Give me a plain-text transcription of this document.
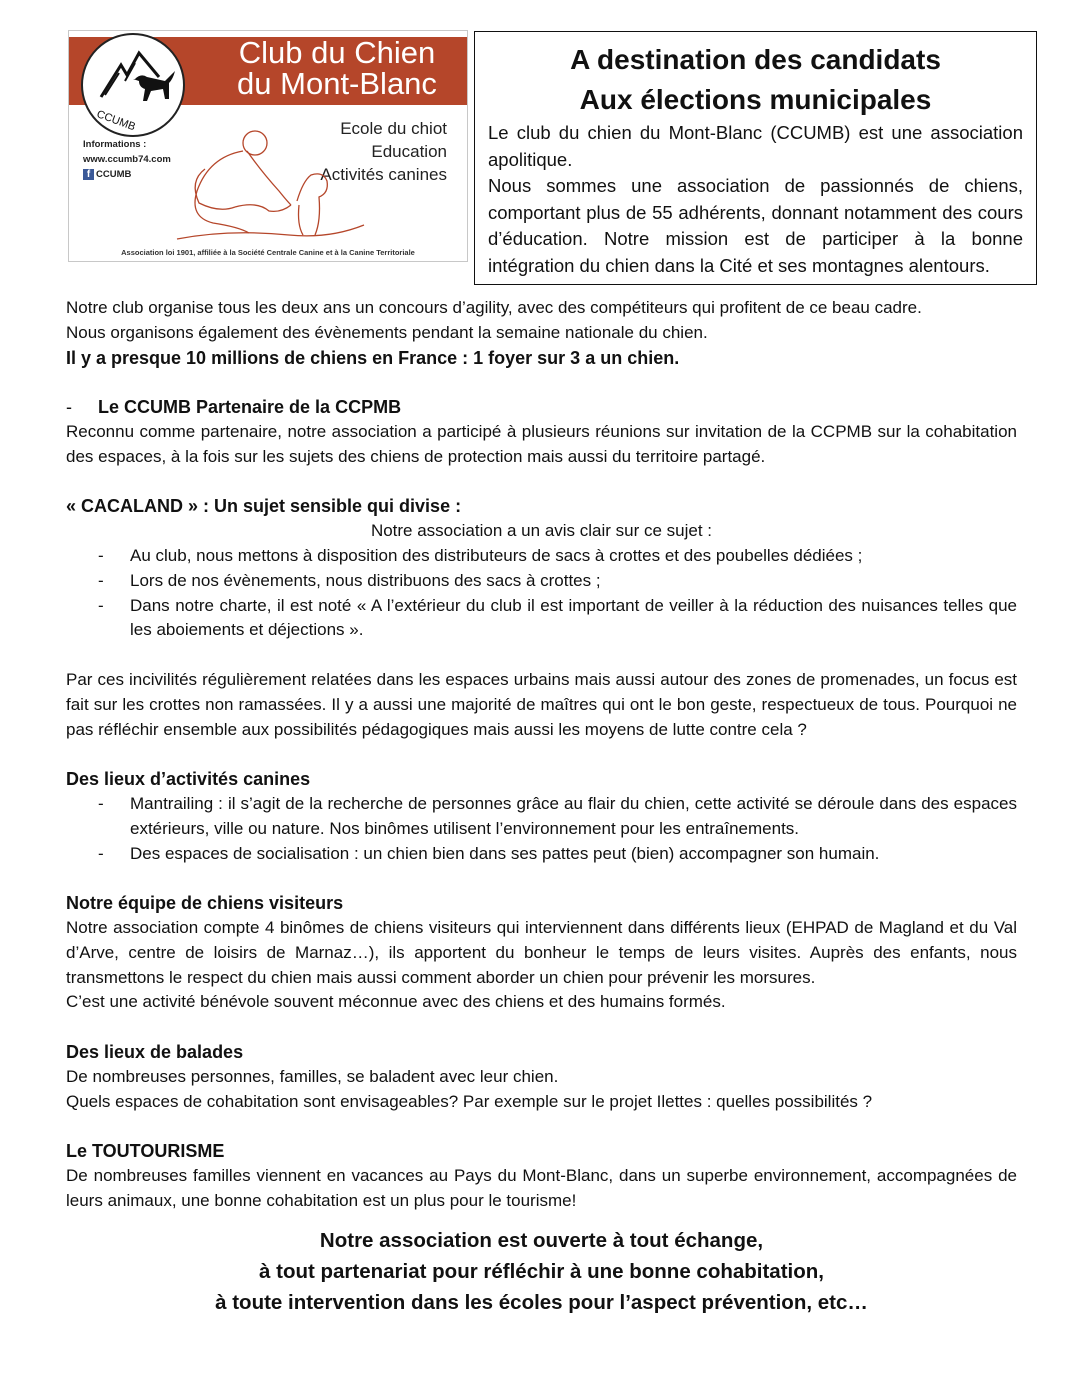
CCUMB
Club du Chien
du Mont-Blanc
Ecole du chiot
Education
Activités canines
Informations :
www.ccumb74.com
f CCUMB
Association loi 1901, affiliée à la Société Centrale Canine et à la Canine Territoriale
A destination des candidats
Aux élections municipales

Le club du chien du Mont-Blanc (CCUMB) est une association apolitique.

Nous sommes une association de passionnés de chiens, comportant plus de 55 adhérents, donnant notamment des cours d’éducation. Notre mission est de participer à la bonne intégration du chien dans la Cité et ses montagnes alentours.

Notre club organise tous les deux ans un concours d’agility, avec des compétiteurs qui profitent de ce beau cadre.

Nous organisons également des évènements pendant la semaine nationale du chien.

Il y a presque 10 millions de chiens en France : 1 foyer sur 3 a un chien.

- Le CCUMB Partenaire de la CCPMB

Reconnu comme partenaire, notre association a participé à plusieurs réunions sur invitation de la CCPMB sur la cohabitation des espaces, à la fois sur les sujets des chiens de protection mais aussi du territoire partagé.

« CACALAND » : Un sujet sensible qui divise :

Notre association a un avis clair sur ce sujet :

- Au club, nous mettons à disposition des distributeurs de sacs à crottes et des poubelles dédiées ;
- Lors de nos évènements, nous distribuons des sacs à crottes ;
- Dans notre charte, il est noté « A l’extérieur du club il est important de veiller à la réduction des nuisances telles que les aboiements et déjections ».

Par ces incivilités régulièrement relatées dans les espaces urbains mais aussi autour des zones de promenades, un focus est fait sur les crottes non ramassées. Il y a aussi une majorité de maîtres qui ont le bon geste, respectueux de tous. Pourquoi ne pas réfléchir ensemble aux possibilités pédagogiques mais aussi les moyens de lutte contre cela ?

Des lieux d’activités canines

- Mantrailing : il s’agit de la recherche de personnes grâce au flair du chien, cette activité se déroule dans des espaces extérieurs, ville ou nature. Nos binômes utilisent l’environnement pour les entraînements.
- Des espaces de socialisation : un chien bien dans ses pattes peut (bien) accompagner son humain.

Notre équipe de chiens visiteurs

Notre association compte 4 binômes de chiens visiteurs qui interviennent dans différents lieux (EHPAD de Magland et du Val d’Arve, centre de loisirs de Marnaz…), ils apportent du bonheur le temps de leurs visites. Auprès des enfants, nous transmettons le respect du chien mais aussi comment aborder un chien pour prévenir les morsures.

C’est une activité bénévole souvent méconnue avec des chiens et des humains formés.

Des lieux de balades

De nombreuses personnes, familles, se baladent avec leur chien.

Quels espaces de cohabitation sont envisageables? Par exemple sur le projet Ilettes : quelles possibilités ?

Le TOUTOURISME

De nombreuses familles viennent en vacances au Pays du Mont-Blanc, dans un superbe environnement, accompagnées de leurs animaux, une bonne cohabitation est un plus pour le tourisme!

Notre association est ouverte à tout échange,
à tout partenariat pour réfléchir à une bonne cohabitation,
à toute intervention dans les écoles pour l’aspect prévention, etc…
